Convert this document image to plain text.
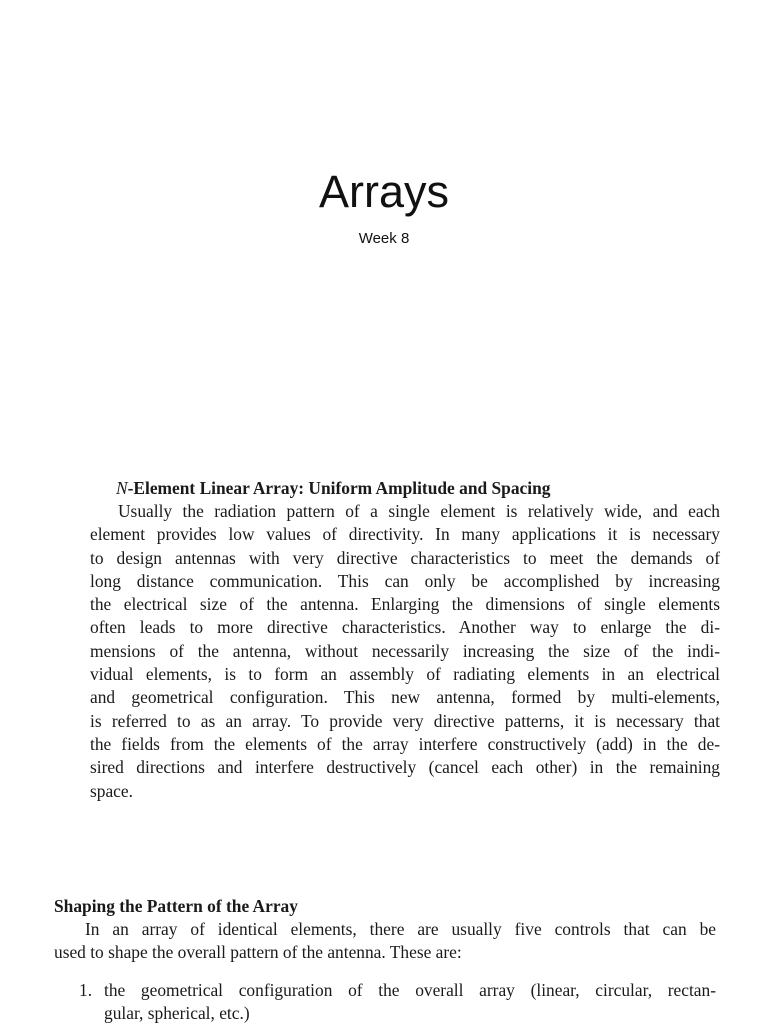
Arrays
Week 8
N-Element Linear Array: Uniform Amplitude and Spacing
Usually the radiation pattern of a single element is relatively wide, and each
element provides low values of directivity. In many applications it is necessary
to design antennas with very directive characteristics to meet the demands of
long distance communication. This can only be accomplished by increasing
the electrical size of the antenna. Enlarging the dimensions of single elements
often leads to more directive characteristics. Another way to enlarge the di-
mensions of the antenna, without necessarily increasing the size of the indi-
vidual elements, is to form an assembly of radiating elements in an electrical
and geometrical configuration. This new antenna, formed by multi-elements,
is referred to as an array. To provide very directive patterns, it is necessary that
the fields from the elements of the array interfere constructively (add) in the de-
sired directions and interfere destructively (cancel each other) in the remaining
space.
Shaping the Pattern of the Array
In an array of identical elements, there are usually five controls that can be
used to shape the overall pattern of the antenna. These are:
1. the geometrical configuration of the overall array (linear, circular, rectan-
gular, spherical, etc.)
